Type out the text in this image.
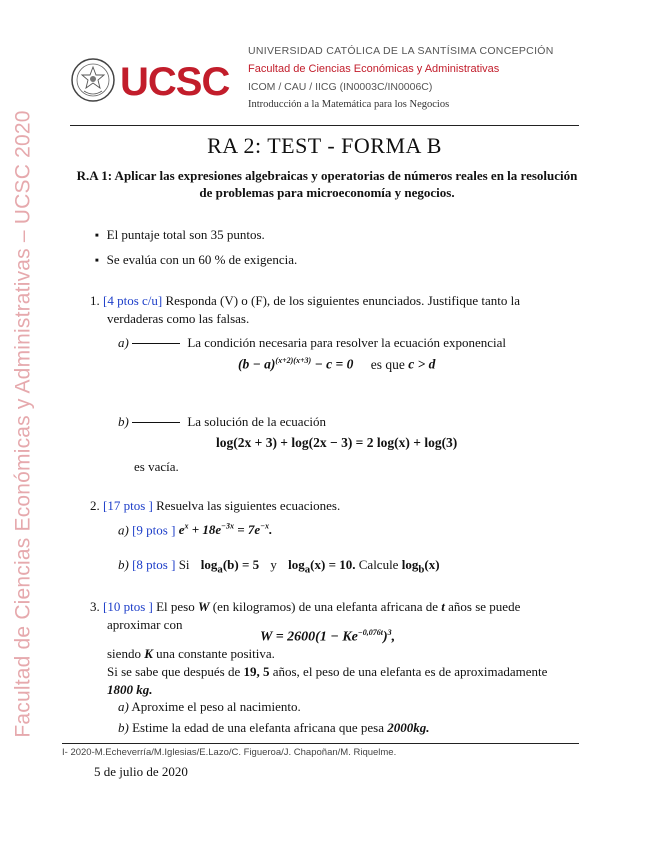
Facultad de Ciencias Económicas y Administrativas – UCSC 2020
UCSC
UNIVERSIDAD CATÓLICA DE LA SANTÍSIMA CONCEPCIÓN
Facultad de Ciencias Económicas y Administrativas
ICOM / CAU / IICG (IN0003C/IN0006C)
Introducción a la Matemática para los Negocios
RA 2: TEST - FORMA B
R.A 1: Aplicar las expresiones algebraicas y operatorias de números reales en la resolución de problemas para microeconomía y negocios.
■ El puntaje total son 35 puntos.
■ Se evalúa con un 60 % de exigencia.
1. [4 ptos c/u] Responda (V) o (F), de los siguientes enunciados. Justifique tanto la
verdaderas como las falsas.
a)	La condición necesaria para resolver la ecuación exponencial
$(b - a)^{(x+2)(x+3)} - c = 0$ es que c > d
b)	La solución de la ecuación
log(2x + 3) + log(2x − 3) = 2 log(x) + log(3)
es vacía.
2. [17 ptos ] Resuelva las siguientes ecuaciones.
a) [9 ptos ] $e^x + 18e^{-3x} = 7e^{-x}$.
b) [8 ptos ] Si $\log_a(b) = 5$ y $\log_a(x) = 10$. Calcule $\log_b(x)$
3. [10 ptos ] El peso W (en kilogramos) de una elefanta africana de t años se puede
aproximar con
$W = 2600(1 - Ke^{-0,076t})^3$,
siendo K una constante positiva.
Si se sabe que después de 19, 5 años, el peso de una elefanta es de aproximadamente
1800 kg.
a) Aproxime el peso al nacimiento.
b) Estime la edad de una elefanta africana que pesa 2000kg.
I- 2020-M.Echeverría/M.Iglesias/E.Lazo/C. Figueroa/J. Chapoñan/M. Riquelme.
5 de julio de 2020
